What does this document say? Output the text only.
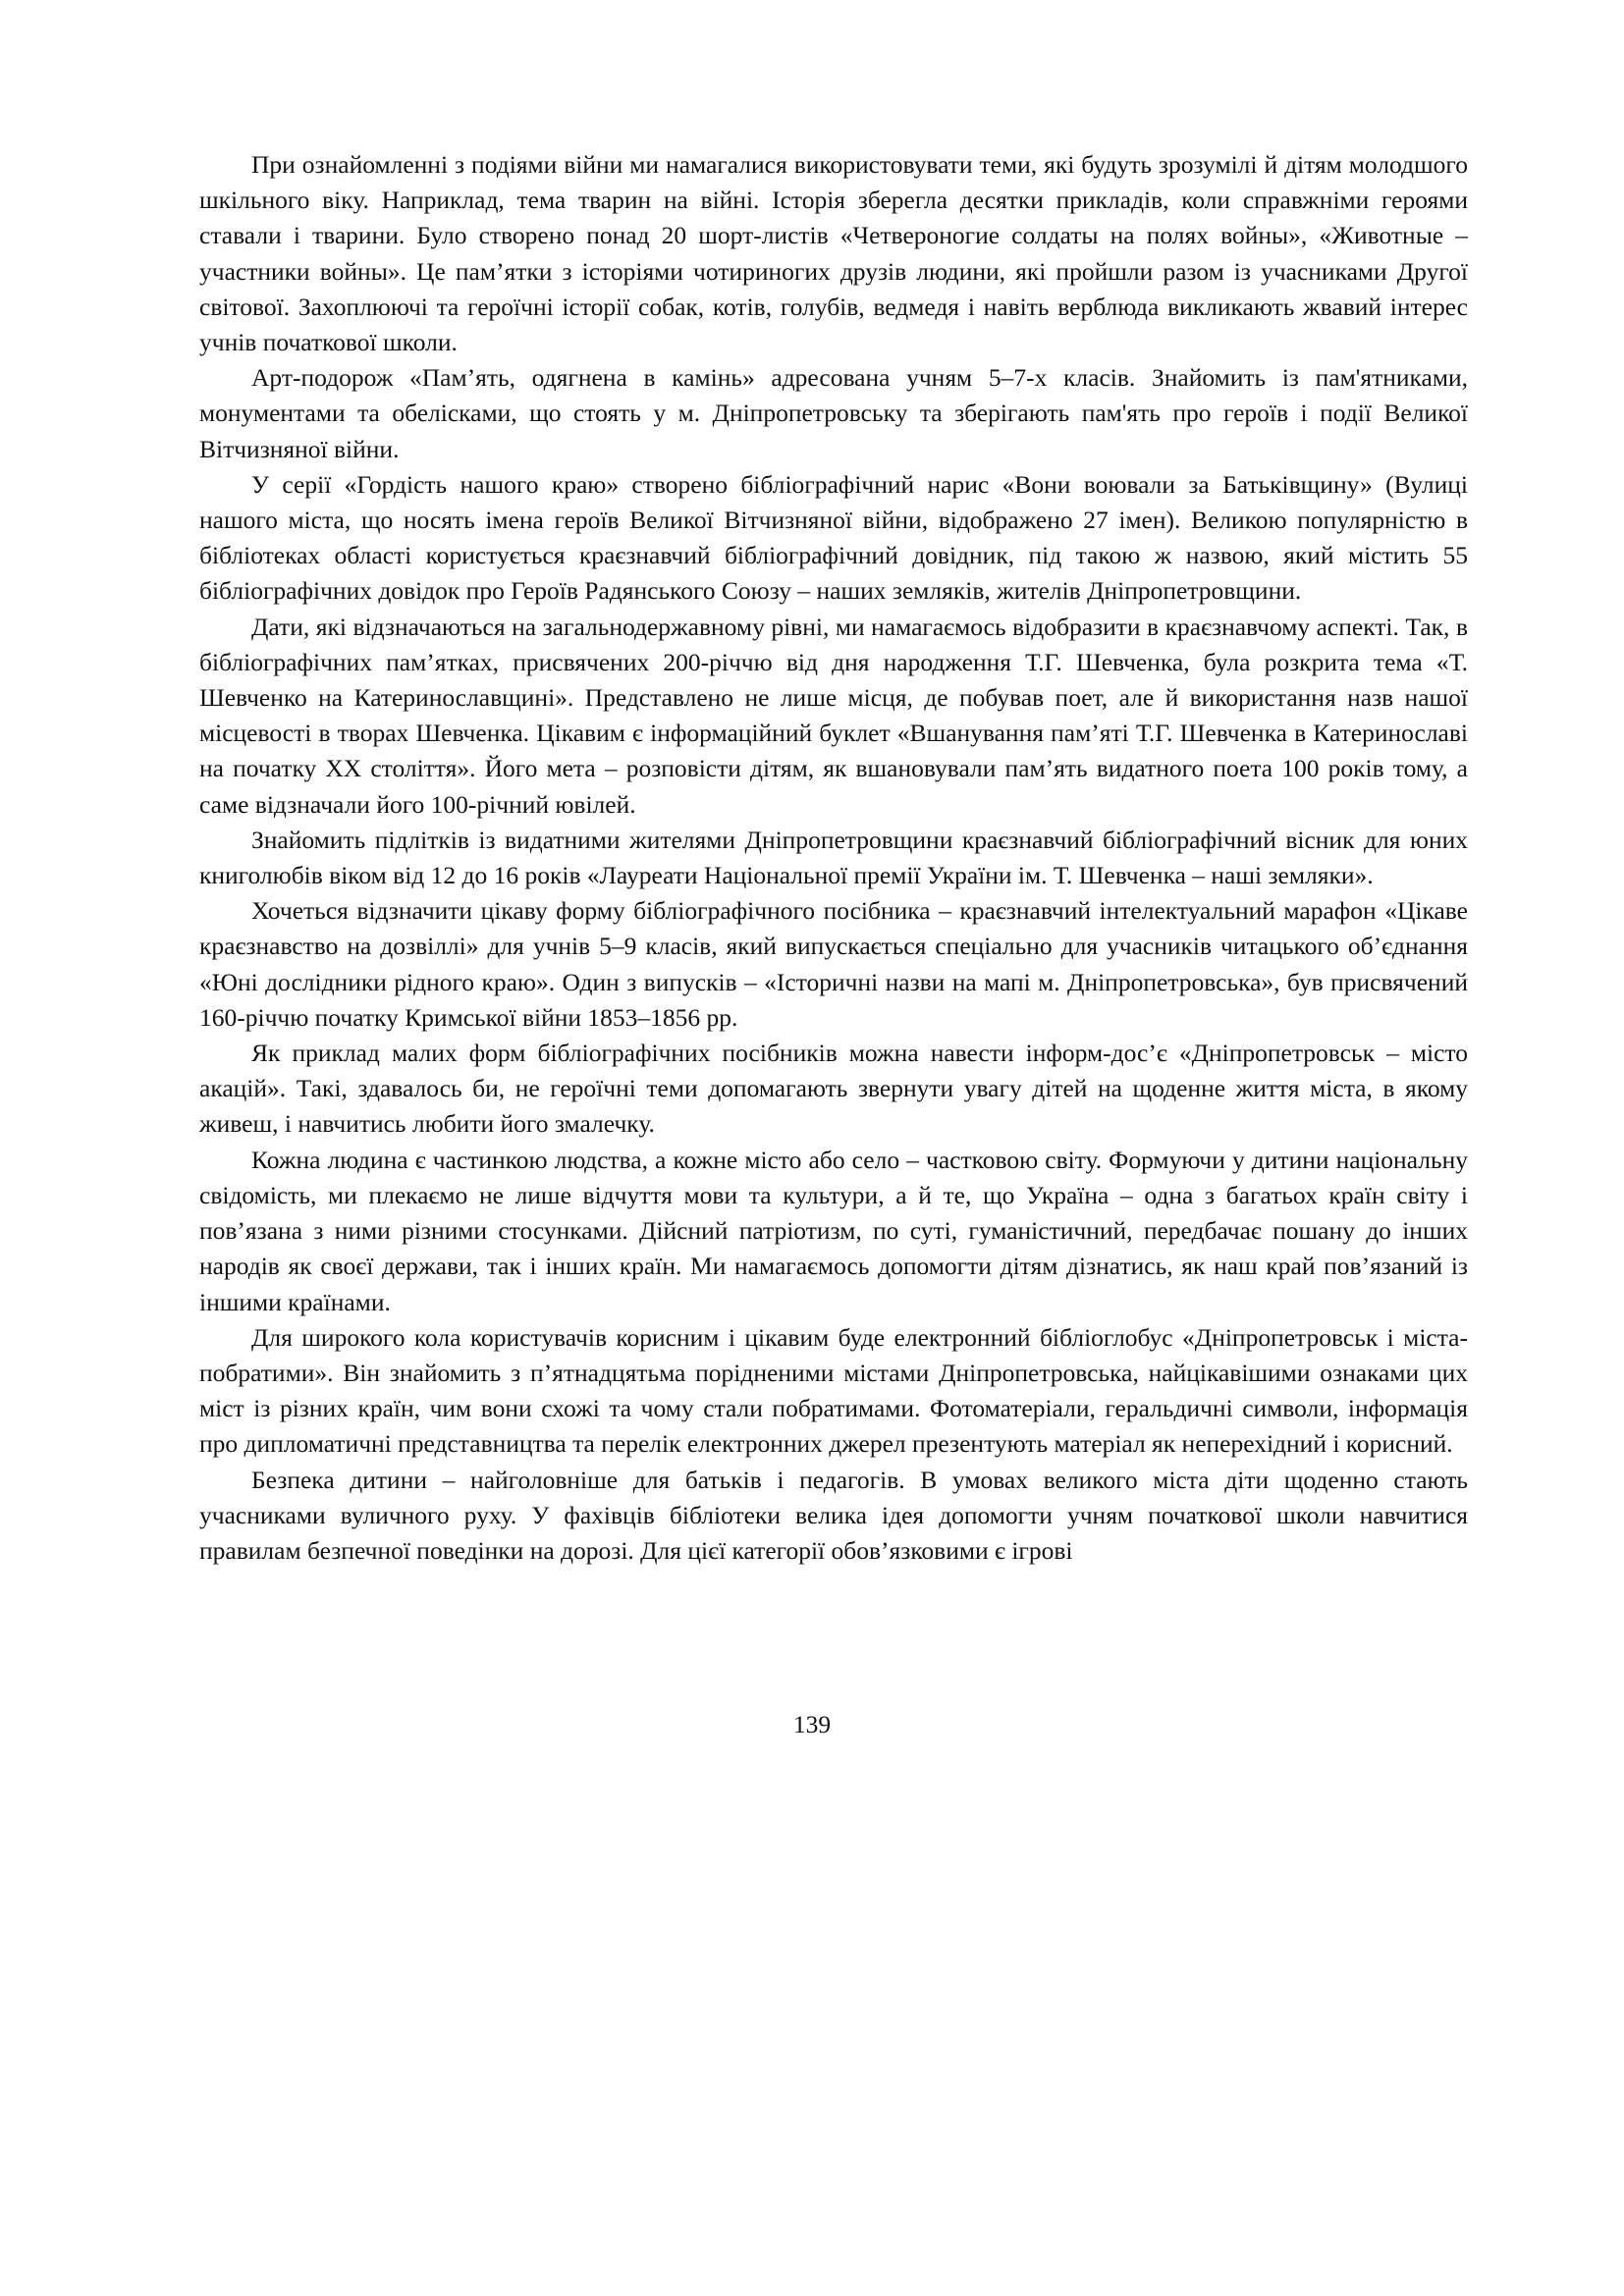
При ознайомленні з подіями війни ми намагалися використовувати теми, які будуть зрозумілі й дітям молодшого шкільного віку. Наприклад, тема тварин на війні. Історія зберегла десятки прикладів, коли справжніми героями ставали і тварини. Було створено понад 20 шорт-листів «Четвероногие солдаты на полях войны», «Животные – участники войны». Це пам’ятки з історіями чотириногих друзів людини, які пройшли разом із учасниками Другої світової. Захоплюючі та героїчні історії собак, котів, голубів, ведмедя і навіть верблюда викликають жвавий інтерес учнів початкової школи.

Арт-подорож «Пам’ять, одягнена в камінь» адресована учням 5–7-х класів. Знайомить із пам'ятниками, монументами та обелісками, що стоять у м. Дніпропетровську та зберігають пам'ять про героїв і події Великої Вітчизняної війни.

У серії «Гордість нашого краю» створено бібліографічний нарис «Вони воювали за Батьківщину» (Вулиці нашого міста, що носять імена героїв Великої Вітчизняної війни, відображено 27 імен). Великою популярністю в бібліотеках області користується краєзнавчий бібліографічний довідник, під такою ж назвою, який містить 55 бібліографічних довідок про Героїв Радянського Союзу – наших земляків, жителів Дніпропетровщини.

Дати, які відзначаються на загальнодержавному рівні, ми намагаємось відобразити в краєзнавчому аспекті. Так, в бібліографічних пам’ятках, присвячених 200-річчю від дня народження Т.Г. Шевченка, була розкрита тема «Т. Шевченко на Катеринославщині». Представлено не лише місця, де побував поет, але й використання назв нашої місцевості в творах Шевченка. Цікавим є інформаційний буклет «Вшанування пам’яті Т.Г. Шевченка в Катеринославі на початку ХХ століття». Його мета – розповісти дітям, як вшановували пам’ять видатного поета 100 років тому, а саме відзначали його 100-річний ювілей.

Знайомить підлітків із видатними жителями Дніпропетровщини краєзнавчий бібліографічний вісник для юних книголюбів віком від 12 до 16 років «Лауреати Національної премії України ім. Т. Шевченка – наші земляки».

Хочеться відзначити цікаву форму бібліографічного посібника – краєзнавчий інтелектуальний марафон «Цікаве краєзнавство на дозвіллі» для учнів 5–9 класів, який випускається спеціально для учасників читацького об’єднання «Юні дослідники рідного краю». Один з випусків – «Історичні назви на мапі м. Дніпропетровська», був присвячений 160-річчю початку Кримської війни 1853–1856 рр.

Як приклад малих форм бібліографічних посібників можна навести інформ-дос’є «Дніпропетровськ – місто акацій». Такі, здавалось би, не героїчні теми допомагають звернути увагу дітей на щоденне життя міста, в якому живеш, і навчитись любити його змалечку.

Кожна людина є частинкою людства, а кожне місто або село – частковою світу. Формуючи у дитини національну свідомість, ми плекаємо не лише відчуття мови та культури, а й те, що Україна – одна з багатьох країн світу і пов’язана з ними різними стосунками. Дійсний патріотизм, по суті, гуманістичний, передбачає пошану до інших народів як своєї держави, так і інших країн. Ми намагаємось допомогти дітям дізнатись, як наш край пов’язаний із іншими країнами.

Для широкого кола користувачів корисним і цікавим буде електронний бібліоглобус «Дніпропетровськ і міста-побратими». Він знайомить з п’ятнадцятьма порідненими містами Дніпропетровська, найцікавішими ознаками цих міст із різних країн, чим вони схожі та чому стали побратимами. Фотоматеріали, геральдичні символи, інформація про дипломатичні представництва та перелік електронних джерел презентують матеріал як неперехідний і корисний.

Безпека дитини – найголовніше для батьків і педагогів. В умовах великого міста діти щоденно стають учасниками вуличного руху. У фахівців бібліотеки велика ідея допомогти учням початкової школи навчитися правилам безпечної поведінки на дорозі. Для цієї категорії обов’язковими є ігрові

139
